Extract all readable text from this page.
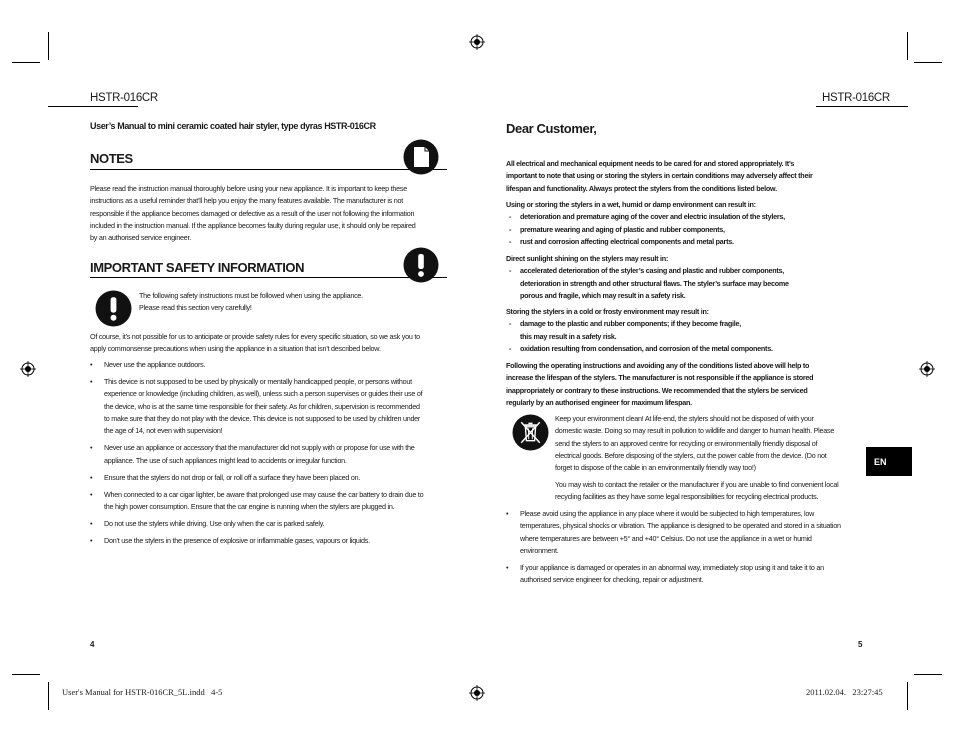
HSTR-016CR	HSTR-016CR
User’s Manual to mini ceramic coated hair styler, type dyras HSTR-016CR
NOTES
Please read the instruction manual thoroughly before using your new appliance. It is important to keep these
instructions as a useful reminder that’ll help you enjoy the many features available. The manufacturer is not
responsible if the appliance becomes damaged or defective as a result of the user not following the information
included in the instruction manual. If the appliance becomes faulty during regular use, it should only be repaired
by an authorised service engineer.
IMPORTANT SAFETY INFORMATION
The following safety instructions must be followed when using the appliance.
Please read this section very carefully!
Of course, it’s not possible for us to anticipate or provide safety rules for every specific situation, so we ask you to
apply commonsense precautions when using the appliance in a situation that isn’t described below.
• Never use the appliance outdoors.
• This device is not supposed to be used by physically or mentally handicapped people, or persons without
experience or knowledge (including children, as well), unless such a person supervises or guides their use of
the device, who is at the same time responsible for their safety. As for children, supervision is recommended
to make sure that they do not play with the device. This device is not supposed to be used by children under
the age of 14, not even with supervision!
• Never use an appliance or accessory that the manufacturer did not supply with or propose for use with the
appliance. The use of such appliances might lead to accidents or irregular function.
• Ensure that the stylers do not drop or fall, or roll off a surface they have been placed on.
• When connected to a car cigar lighter, be aware that prolonged use may cause the car battery to drain due to
the high power consumption. Ensure that the car engine is running when the stylers are plugged in.
• Do not use the stylers while driving. Use only when the car is parked safely.
• Don’t use the stylers in the presence of explosive or inflammable gases, vapours or liquids.
4
Dear Customer,
All electrical and mechanical equipment needs to be cared for and stored appropriately. It’s
important to note that using or storing the stylers in certain conditions may adversely affect their
lifespan and functionality. Always protect the stylers from the conditions listed below.
Using or storing the stylers in a wet, humid or damp environment can result in:
- deterioration and premature aging of the cover and electric insulation of the stylers,
- premature wearing and aging of plastic and rubber components,
- rust and corrosion affecting electrical components and metal parts.
Direct sunlight shining on the stylers may result in:
- accelerated deterioration of the styler’s casing and plastic and rubber components,
deterioration in strength and other structural flaws. The styler’s surface may become
porous and fragile, which may result in a safety risk.
Storing the stylers in a cold or frosty environment may result in:
- damage to the plastic and rubber components; if they become fragile,
this may result in a safety risk.
- oxidation resulting from condensation, and corrosion of the metal components.
Following the operating instructions and avoiding any of the conditions listed above will help to
increase the lifespan of the stylers. The manufacturer is not responsible if the appliance is stored
inappropriately or contrary to these instructions. We recommended that the stylers be serviced
regularly by an authorised engineer for maximum lifespan.
Keep your environment clean! At life-end, the stylers should not be disposed of with your
domestic waste. Doing so may result in pollution to wildlife and danger to human health. Please
send the stylers to an approved centre for recycling or environmentally friendly disposal of
electrical goods. Before disposing of the stylers, cut the power cable from the device. (Do not
forget to dispose of the cable in an environmentally friendly way too!)
You may wish to contact the retailer or the manufacturer if you are unable to find convenient local
recycling facilities as they have some legal responsibilities for recycling electrical products.
• Please avoid using the appliance in any place where it would be subjected to high temperatures, low
temperatures, physical shocks or vibration. The appliance is designed to be operated and stored in a situation
where temperatures are between +5° and +40° Celsius. Do not use the appliance in a wet or humid
environment.
• If your appliance is damaged or operates in an abnormal way, immediately stop using it and take it to an
authorised service engineer for checking, repair or adjustment.
EN
5
User's Manual for HSTR-016CR_5L.indd   4-5	2011.02.04.   23:27:45
